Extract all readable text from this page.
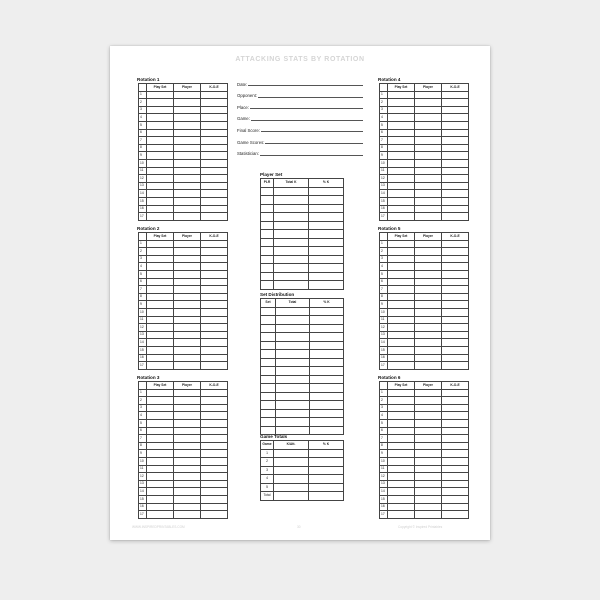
ATTACKING STATS BY ROTATION
Rotation 1
	Play Set	Player	K-O-E
1			
2			
3			
4			
5			
6			
7			
8			
9			
10			
11			
12			
13			
14			
15			
16			
17			
Rotation 2
	Play Set	Player	K-O-E
1			
2			
3			
4			
5			
6			
7			
8			
9			
10			
11			
12			
13			
14			
15			
16			
17			
Rotation 3
	Play Set	Player	K-O-E
1			
2			
3			
4			
5			
6			
7			
8			
9			
10			
11			
12			
13			
14			
15			
16			
17			
Rotation 4
	Play Set	Player	K-O-E
1			
2			
3			
4			
5			
6			
7			
8			
9			
10			
11			
12			
13			
14			
15			
16			
17			
Rotation 5
	Play Set	Player	K-O-E
1			
2			
3			
4			
5			
6			
7			
8			
9			
10			
11			
12			
13			
14			
15			
16			
17			
Rotation 6
	Play Set	Player	K-O-E
1			
2			
3			
4			
5			
6			
7			
8			
9			
10			
11			
12			
13			
14			
15			
16			
17			
Date:
Opponent:
Place:
Game:
Final Score:
Game Scores:
Statistician:
Player Set
PLR	Total K	% K

Set Distribution
Set	Total	% K

Game Totals
Game	K/Att.	% K
1		
2		
3		
4		
5		
Total		
WWW.INSPIREDPRINTABLES.COM	30	Copyright © Inspired Printables
